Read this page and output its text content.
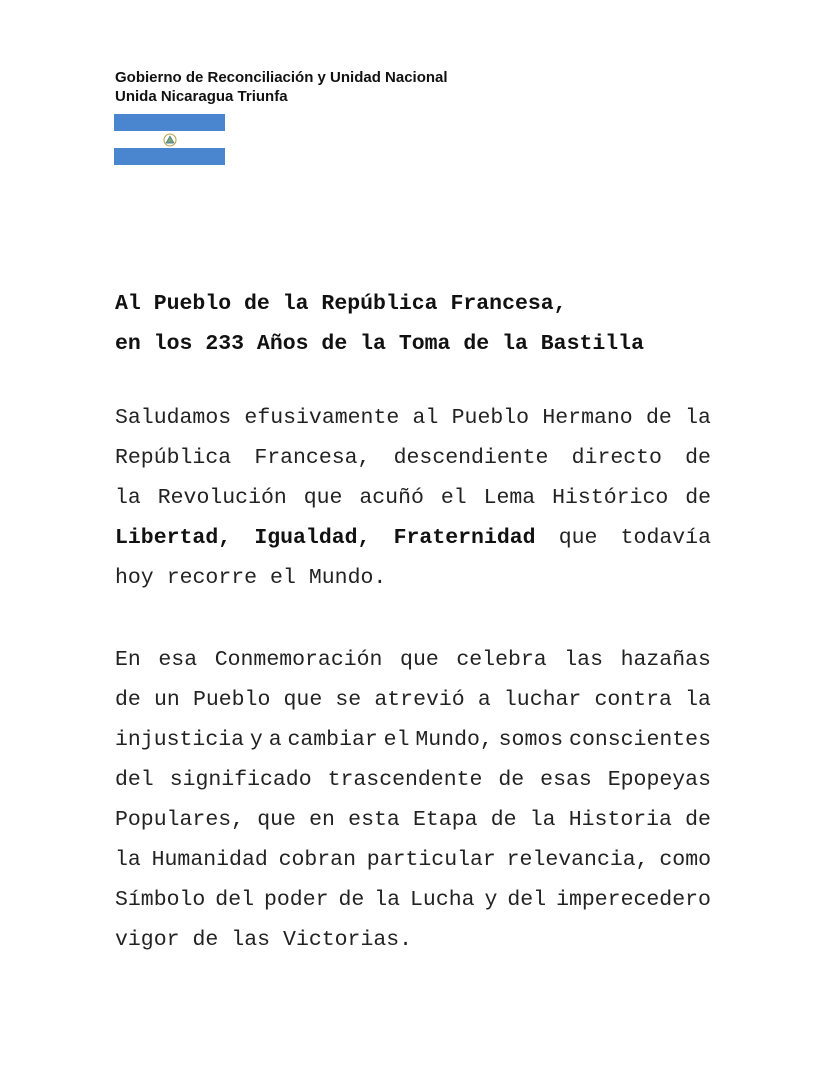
Gobierno de Reconciliación y Unidad Nacional
Unida Nicaragua Triunfa
Al Pueblo de la República Francesa,
en los 233 Años de la Toma de la Bastilla
Saludamos efusivamente al Pueblo Hermano de la
República Francesa, descendiente directo de
la Revolución que acuñó el Lema Histórico de
Libertad, Igualdad, Fraternidad que todavía
hoy recorre el Mundo.
En esa Conmemoración que celebra las hazañas
de un Pueblo que se atrevió a luchar contra la
injusticia y a cambiar el Mundo, somos conscientes
del significado trascendente de esas Epopeyas
Populares, que en esta Etapa de la Historia de
la Humanidad cobran particular relevancia, como
Símbolo del poder de la Lucha y del imperecedero
vigor de las Victorias.
